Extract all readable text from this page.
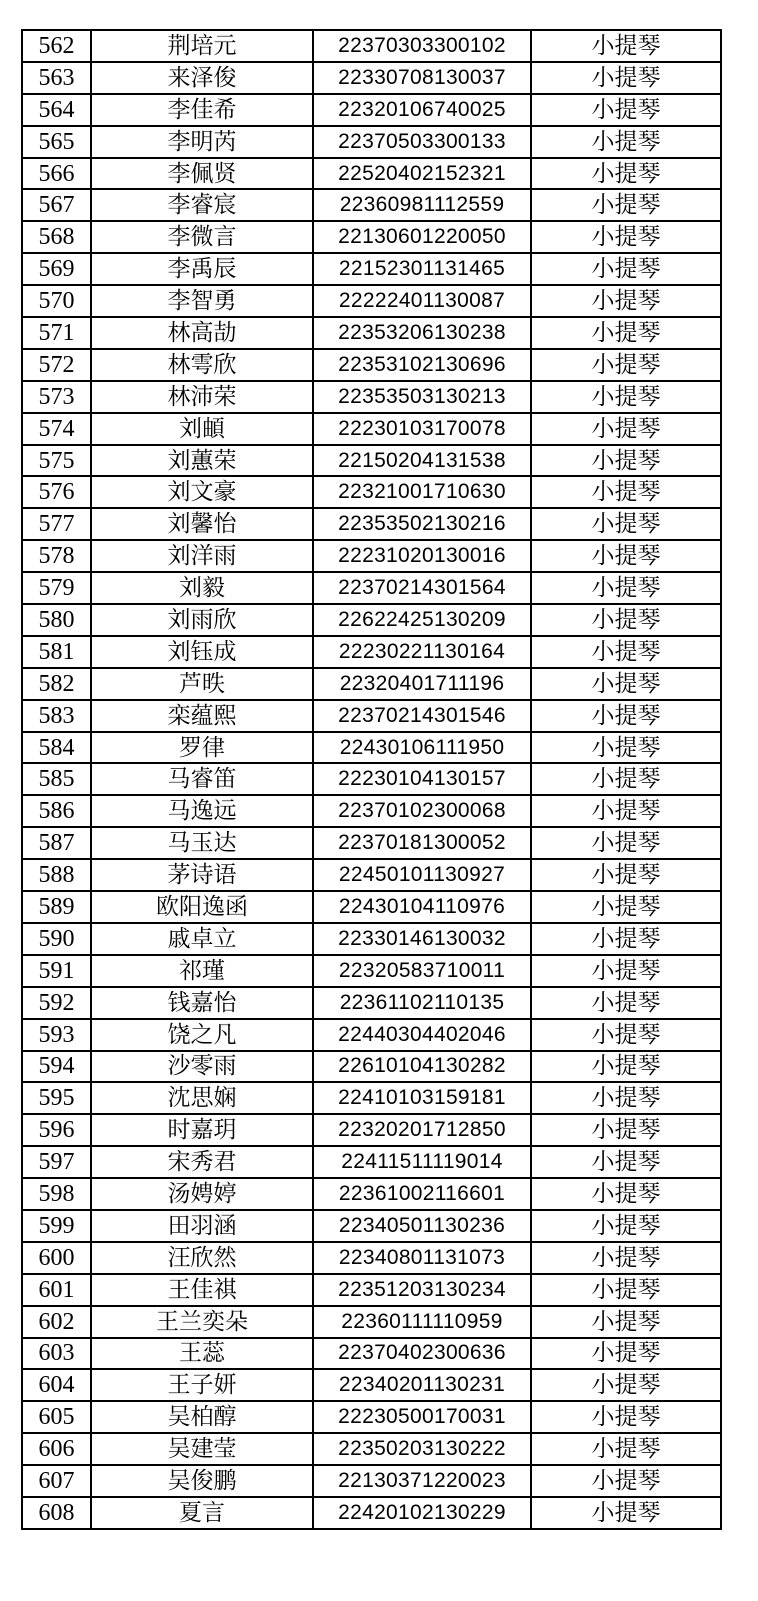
562	荆培元	22370303300102	小提琴
563	来泽俊	22330708130037	小提琴
564	李佳希	22320106740025	小提琴
565	李明芮	22370503300133	小提琴
566	李佩贤	22520402152321	小提琴
567	李睿宸	22360981112559	小提琴
568	李微言	22130601220050	小提琴
569	李禹辰	22152301131465	小提琴
570	李智勇	22222401130087	小提琴
571	林高劼	22353206130238	小提琴
572	林雩欣	22353102130696	小提琴
573	林沛荣	22353503130213	小提琴
574	刘頔	22230103170078	小提琴
575	刘蕙荣	22150204131538	小提琴
576	刘文豪	22321001710630	小提琴
577	刘馨怡	22353502130216	小提琴
578	刘洋雨	22231020130016	小提琴
579	刘毅	22370214301564	小提琴
580	刘雨欣	22622425130209	小提琴
581	刘钰成	22230221130164	小提琴
582	芦昳	22320401711196	小提琴
583	栾蕴熙	22370214301546	小提琴
584	罗律	22430106111950	小提琴
585	马睿笛	22230104130157	小提琴
586	马逸远	22370102300068	小提琴
587	马玉达	22370181300052	小提琴
588	茅诗语	22450101130927	小提琴
589	欧阳逸函	22430104110976	小提琴
590	戚卓立	22330146130032	小提琴
591	祁瑾	22320583710011	小提琴
592	钱嘉怡	22361102110135	小提琴
593	饶之凡	22440304402046	小提琴
594	沙零雨	22610104130282	小提琴
595	沈思娴	22410103159181	小提琴
596	时嘉玥	22320201712850	小提琴
597	宋秀君	22411511119014	小提琴
598	汤娉婷	22361002116601	小提琴
599	田羽涵	22340501130236	小提琴
600	汪欣然	22340801131073	小提琴
601	王佳祺	22351203130234	小提琴
602	王兰奕朵	22360111110959	小提琴
603	王蕊	22370402300636	小提琴
604	王子妍	22340201130231	小提琴
605	吴柏醇	22230500170031	小提琴
606	吴建莹	22350203130222	小提琴
607	吴俊鹏	22130371220023	小提琴
608	夏言	22420102130229	小提琴
